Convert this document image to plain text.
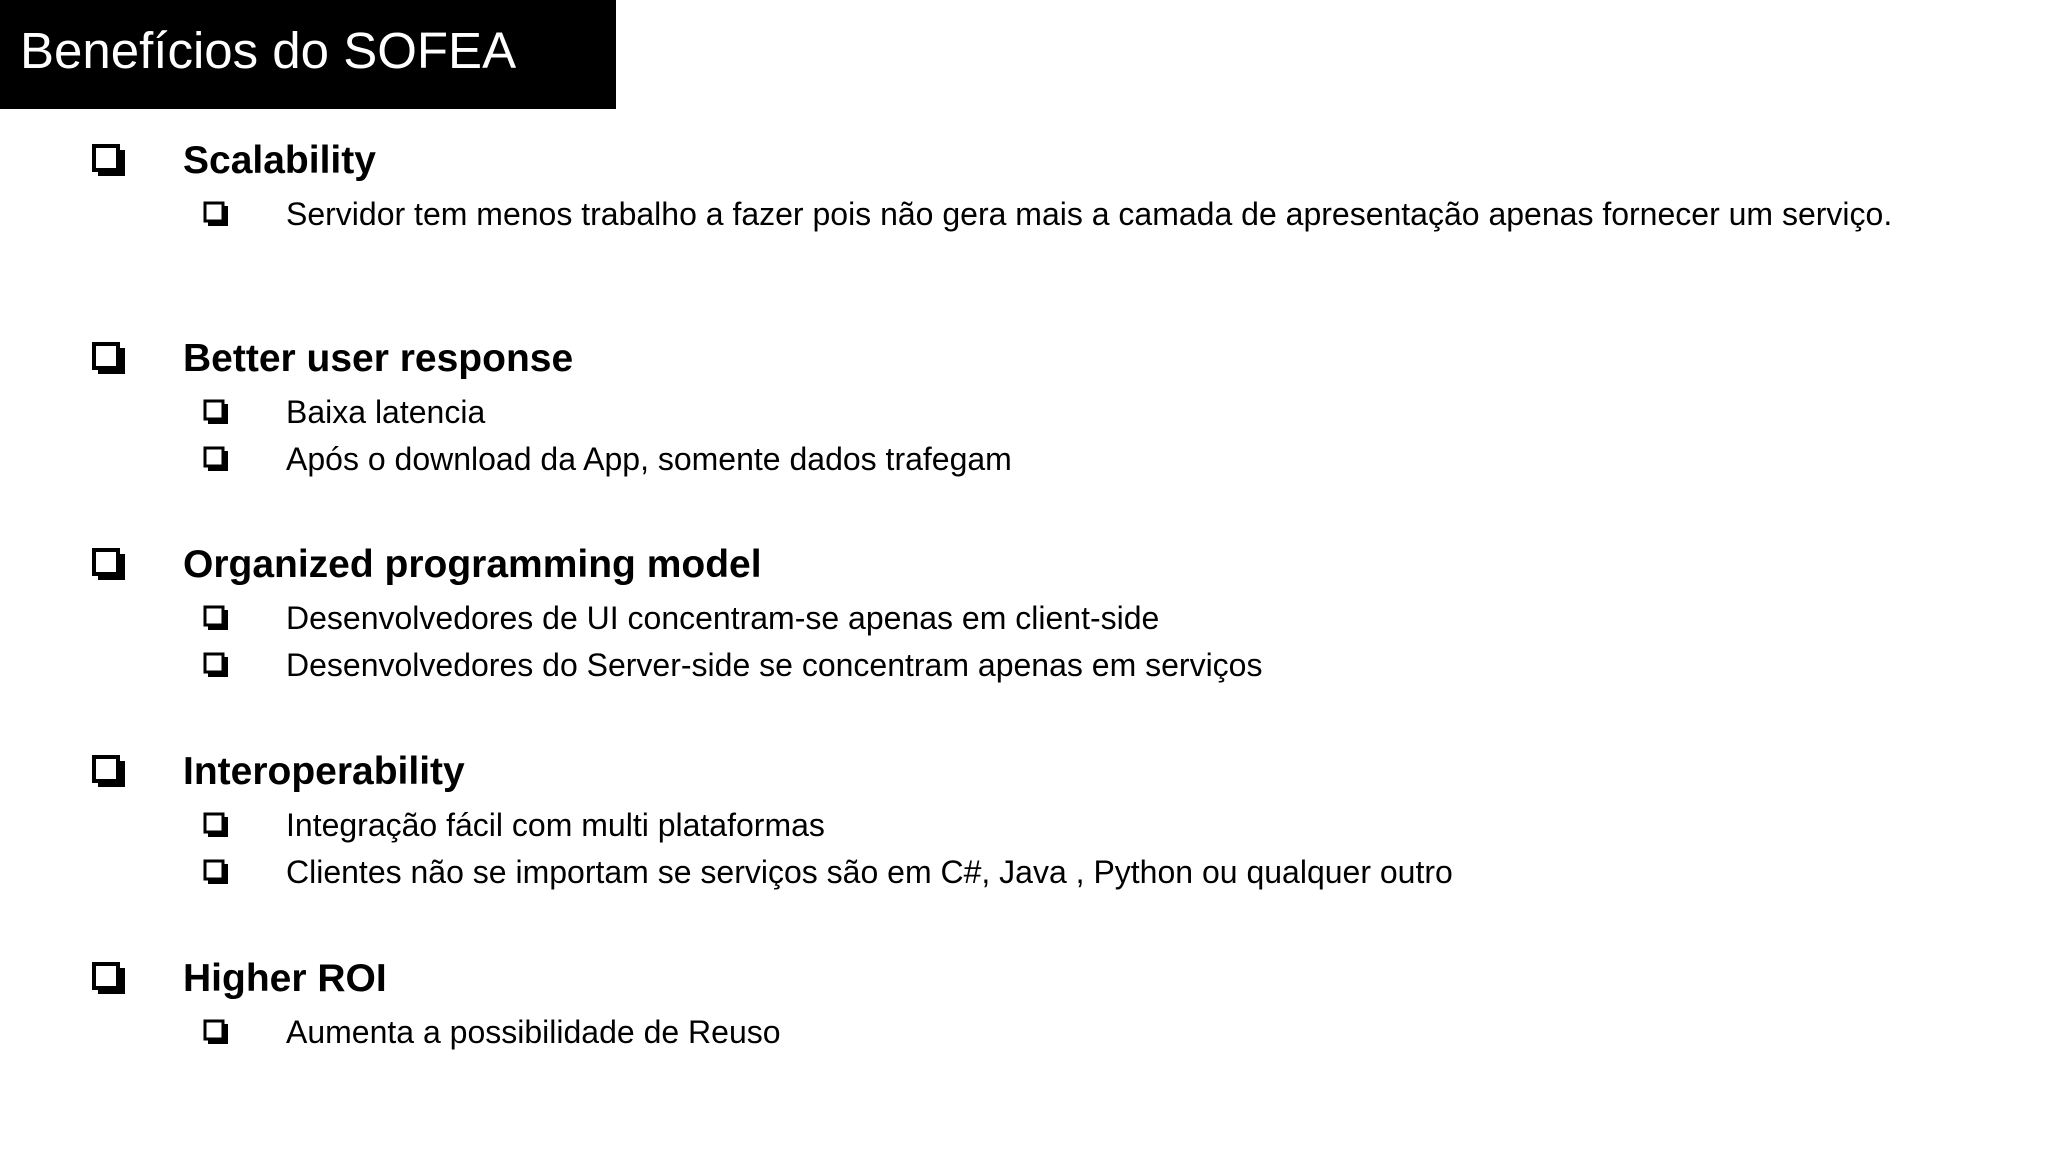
Benefícios do SOFEA
Scalability
Servidor tem menos trabalho a fazer pois não gera mais a camada de apresentação apenas fornecer um serviço.
Better user response
Baixa latencia
Após o download da App, somente dados trafegam
Organized programming model
Desenvolvedores de UI concentram-se apenas em client-side
Desenvolvedores do Server-side se concentram apenas em serviços
Interoperability
Integração fácil com multi plataformas
Clientes não se importam se serviços são em C#, Java , Python ou qualquer outro
Higher ROI
Aumenta a possibilidade de Reuso
